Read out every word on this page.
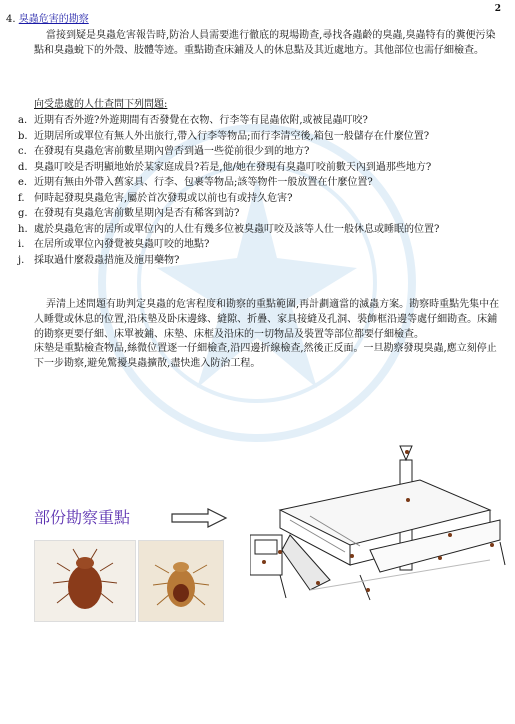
2
4. 臭蟲危害的勘察
當接到疑是臭蟲危害報告時,防治人員需要進行徹底的現場勘查,尋找各蟲齡的臭蟲,臭蟲特有的糞便污染點和臭蟲蛻下的外殼、肢體等迹。重點勘查床鋪及人的休息點及其近處地方。其他部位也需仔細檢查。
向受患處的人仕查問下列問題:
a. 近期有否外遊?外遊期間有否發覺在衣物、行李等有昆蟲依附,或被昆蟲叮咬?
b. 近期居所或單位有無人外出旅行,帶入行李等物品;而行李清空後,箱包一般儲存在什麼位置?
c. 在發現有臭蟲危害前數星期內曾否到過一些從前很少到的地方?
d. 臭蟲叮咬是否明顯地始於某家庭成員?若是,他/她在發現有臭蟲叮咬前數天內到過那些地方?
e. 近期有無由外帶入舊家具、行李、包裹等物品;該等物件一般放置在什麼位置?
f. 何時起發現臭蟲危害,屬於首次發現或以前也有或持久危害?
g. 在發現有臭蟲危害前數星期內是否有稀客到訪?
h. 處於臭蟲危害的居所或單位內的人仕有幾多位被臭蟲叮咬及該等人仕一般休息或睡眠的位置?
i. 在居所或單位內發覺被臭蟲叮咬的地點?
j. 採取過什麼殺蟲措施及施用藥物?
弄清上述問題有助判定臭蟲的危害程度和勘察的重點範圍,再計劃適當的滅蟲方案。勘察時重點先集中在人睡覺或休息的位置,沿床墊及卧床邊緣、縫隙、折疊、家具接縫及孔洞、裝飾框沿邊等處仔細勘查。床鋪的勘察更要仔細、床單被鋪、床墊、床框及沿床的一切物品及裝置等部位都要仔細檢查。
床墊是重點檢查物品,絲微位置逐一仔細檢查,沿四邊折線檢查,然後正反面。一旦勘察發現臭蟲,應立刻停止下一步勘察,避免驚擾臭蟲擴散,盡快進入防治工程。
部份勘察重點
